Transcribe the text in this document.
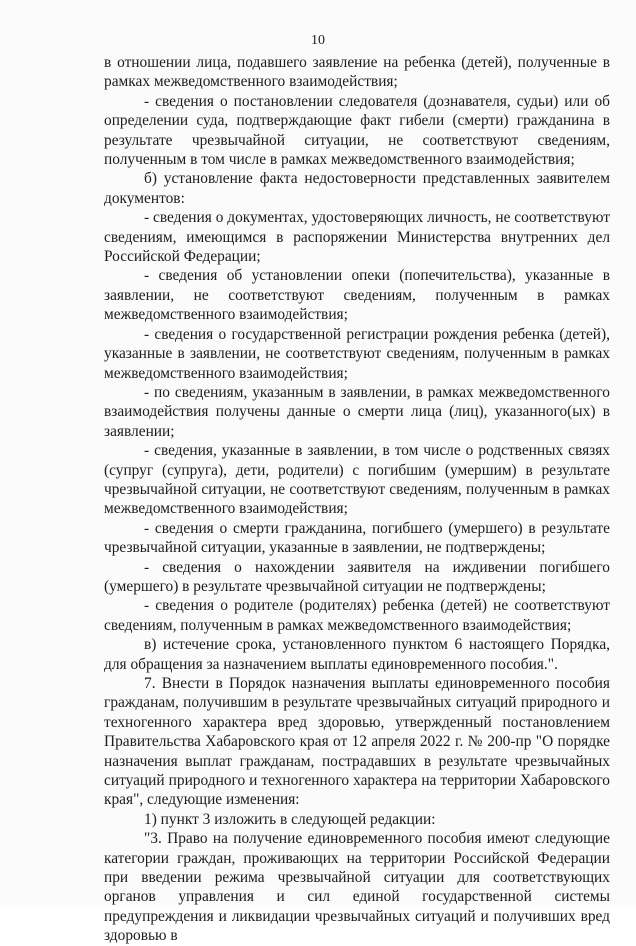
10

в отношении лица, подавшего заявление на ребенка (детей), полученные в рамках межведомственного взаимодействия;

- сведения о постановлении следователя (дознавателя, судьи) или об определении суда, подтверждающие факт гибели (смерти) гражданина в результате чрезвычайной ситуации, не соответствуют сведениям, полученным в том числе в рамках межведомственного взаимодействия;

б) установление факта недостоверности представленных заявителем документов:

- сведения о документах, удостоверяющих личность, не соответствуют сведениям, имеющимся в распоряжении Министерства внутренних дел Российской Федерации;

- сведения об установлении опеки (попечительства), указанные в заявлении, не соответствуют сведениям, полученным в рамках межведомственного взаимодействия;

- сведения о государственной регистрации рождения ребенка (детей), указанные в заявлении, не соответствуют сведениям, полученным в рамках межведомственного взаимодействия;

- по сведениям, указанным в заявлении, в рамках межведомственного взаимодействия получены данные о смерти лица (лиц), указанного(ых) в заявлении;

- сведения, указанные в заявлении, в том числе о родственных связях (супруг (супруга), дети, родители) с погибшим (умершим) в результате чрезвычайной ситуации, не соответствуют сведениям, полученным в рамках межведомственного взаимодействия;

- сведения о смерти гражданина, погибшего (умершего) в результате чрезвычайной ситуации, указанные в заявлении, не подтверждены;

- сведения о нахождении заявителя на иждивении погибшего (умершего) в результате чрезвычайной ситуации не подтверждены;

- сведения о родителе (родителях) ребенка (детей) не соответствуют сведениям, полученным в рамках межведомственного взаимодействия;

в) истечение срока, установленного пунктом 6 настоящего Порядка, для обращения за назначением выплаты единовременного пособия.".

7. Внести в Порядок назначения выплаты единовременного пособия гражданам, получившим в результате чрезвычайных ситуаций природного и техногенного характера вред здоровью, утвержденный постановлением Правительства Хабаровского края от 12 апреля 2022 г. № 200-пр "О порядке назначения выплат гражданам, пострадавших в результате чрезвычайных ситуаций природного и техногенного характера на территории Хабаровского края", следующие изменения:

1) пункт 3 изложить в следующей редакции:

"3. Право на получение единовременного пособия имеют следующие категории граждан, проживающих на территории Российской Федерации при введении режима чрезвычайной ситуации для соответствующих органов управления и сил единой государственной системы предупреждения и ликвидации чрезвычайных ситуаций и получивших вред здоровью в
